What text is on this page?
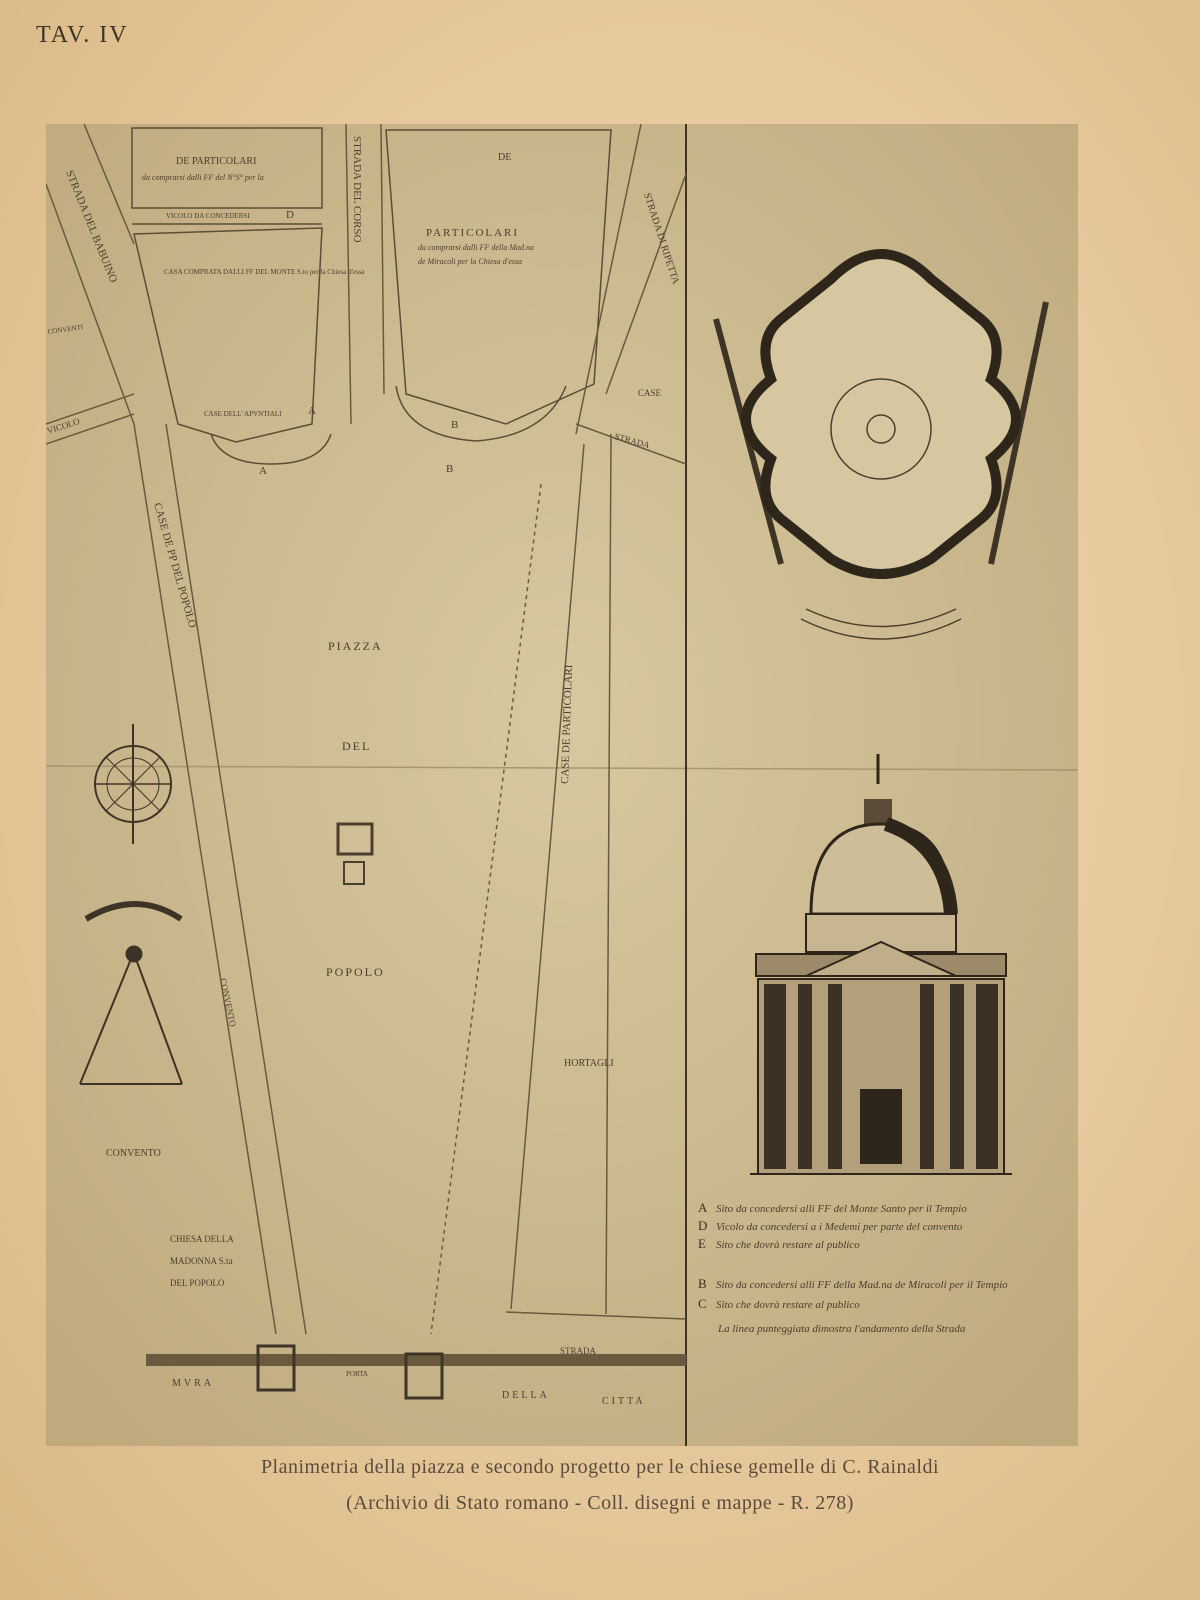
TAV. IV
A Sito da concedersi alli FF del Monte Santo per il Tempio
D Vicolo da concedersi a i Medemi per parte del convento
E Sito che dovrà restare al publico
B Sito da concedersi alli FF della Mad.na de Miracoli per il Tempio
C Sito che dovrà restare al publico
La linea punteggiata dimostra l'andamento della Strada
DE PARTICOLARI
da comprarsi dalli FF del N°S° per la
VICOLO DA CONCEDERSI	D
CASA COMPRATA DALLI FF DEL MONTE S.to per la Chiesa d'essa
CASE DELL' APVNTIALI A
A
STRADA DEL BABUINO	STRADA DEL CORSO	DE
PARTICOLARI
da comprarsi dalli FF della Mad.na
de Miracoli per la Chiesa d'essa
B
B
STRADA DI RIPETTA
CASE
STRADA
VICOLO
CONVENTI
CASE DE PP DEL POPOLO
PIAZZA
DEL
POPOLO
CASE DE PARTICOLARI
CONVENTO
CONVENTO
HORTAGLI
CHIESA DELLA
MADONNA S.ta
DEL POPOLO
MVRA
PORTA
DELLA
CITTA
STRADA
Planimetria della piazza e secondo progetto per le chiese gemelle di C. Rainaldi
(Archivio di Stato romano - Coll. disegni e mappe - R. 278)
